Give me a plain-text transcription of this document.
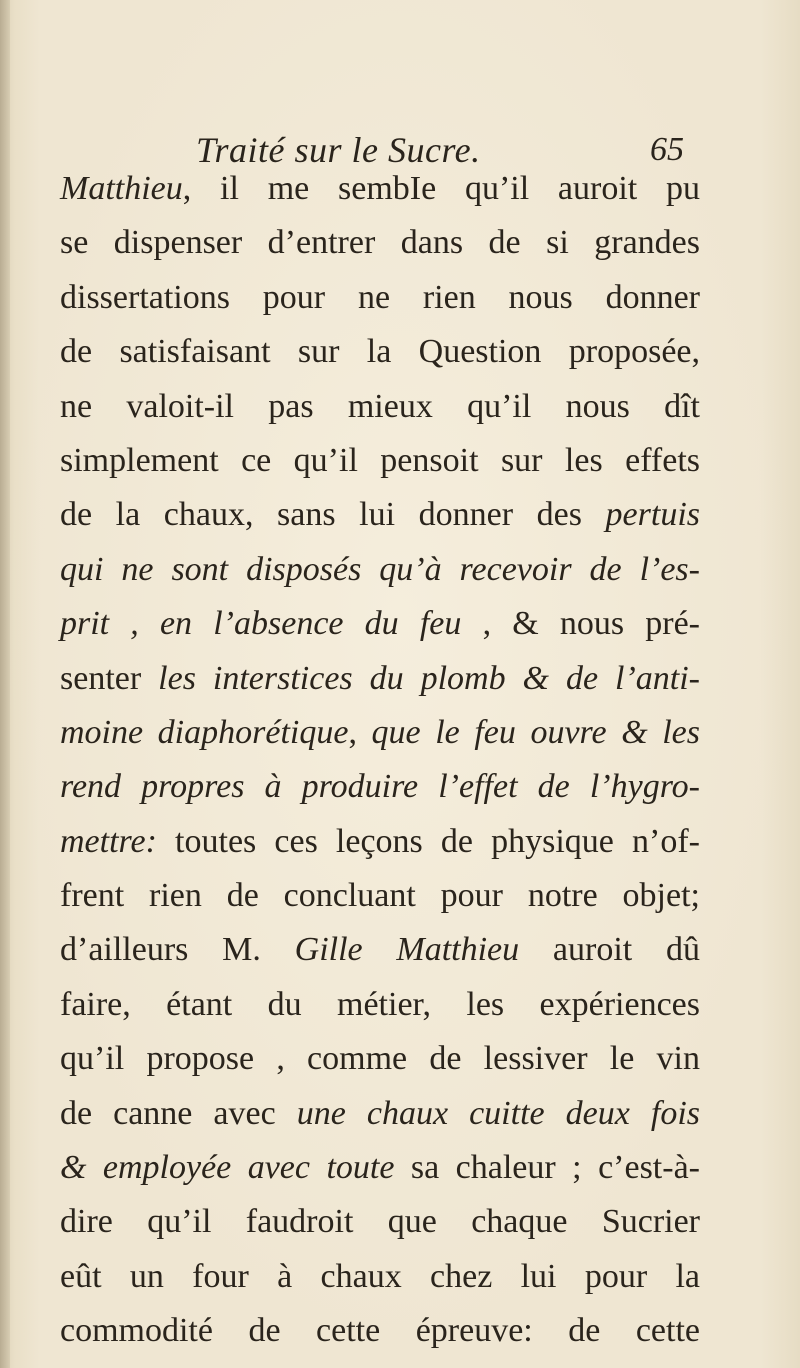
Traité sur le Sucre.	65
Matthieu, il me sembIe qu’il auroit pu
se dispenser d’entrer dans de si grandes
dissertations pour ne rien nous donner
de satisfaisant sur la Question proposée,
ne valoit-il pas mieux qu’il nous dît
simplement ce qu’il pensoit sur les effets
de la chaux, sans lui donner des pertuis
qui ne sont disposés qu’à recevoir de l’es-
prit , en l’absence du feu , & nous pré-
senter les interstices du plomb & de l’anti-
moine diaphorétique, que le feu ouvre & les
rend propres à produire l’effet de l’hygro-
mettre: toutes ces leçons de physique n’of-
frent rien de concluant pour notre objet;
d’ailleurs M. Gille Matthieu auroit dû
faire, étant du métier, les expériences
qu’il propose , comme de lessiver le vin
de canne avec une chaux cuitte deux fois
& employée avec toute sa chaleur ; c’est-à-
dire qu’il faudroit que chaque Sucrier
eût un four à chaux chez lui pour la
commodité de cette épreuve: de cette
